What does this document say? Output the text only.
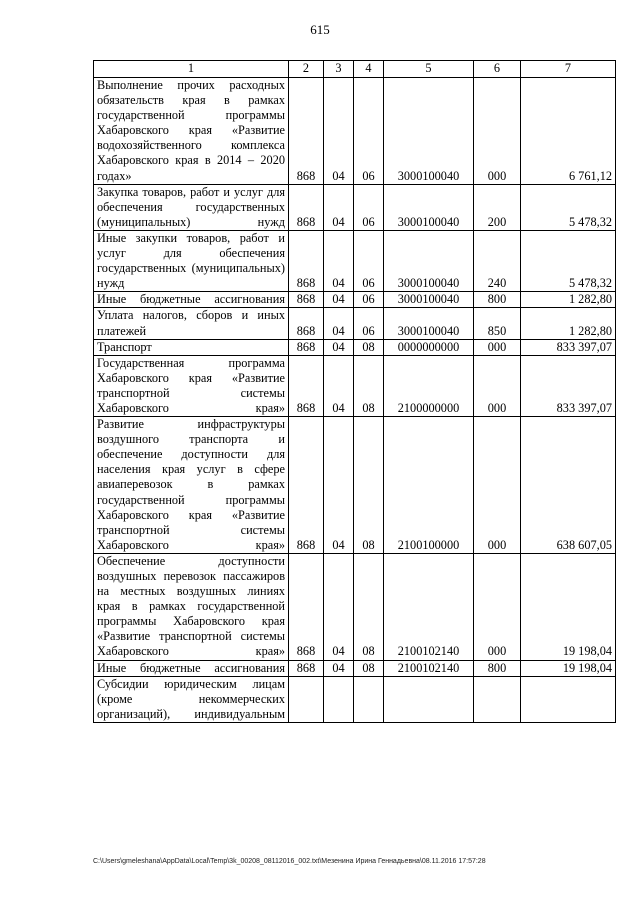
615
1	2	3	4	5	6	7
Выполнение прочих расходных обязательств края в рамках государственной программы Хабаровского края «Развитие водохозяйственного комплекса Хабаровского края в 2014 – 2020 годах»	868	04	06	3000100040	000	6 761,12
Закупка товаров, работ и услуг для обеспечения государственных (муниципальных) нужд	868	04	06	3000100040	200	5 478,32
Иные закупки товаров, работ и услуг для обеспечения государственных (муниципальных) нужд	868	04	06	3000100040	240	5 478,32
Иные бюджетные ассигнования	868	04	06	3000100040	800	1 282,80
Уплата налогов, сборов и иных платежей	868	04	06	3000100040	850	1 282,80
Транспорт	868	04	08	0000000000	000	833 397,07
Государственная программа Хабаровского края «Развитие транспортной системы Хабаровского края»	868	04	08	2100000000	000	833 397,07
Развитие инфраструктуры воздушного транспорта и обеспечение доступности для населения края услуг в сфере авиаперевозок в рамках государственной программы Хабаровского края «Развитие транспортной системы Хабаровского края»	868	04	08	2100100000	000	638 607,05
Обеспечение доступности воздушных перевозок пассажиров на местных воздушных линиях края в рамках государственной программы Хабаровского края «Развитие транспортной системы Хабаровского края»	868	04	08	2100102140	000	19 198,04
Иные бюджетные ассигнования	868	04	08	2100102140	800	19 198,04
Субсидии юридическим лицам (кроме некоммерческих организаций), индивидуальным						
C:\Users\gmeleshana\AppData\Local\Temp\3k_00208_08112016_002.txt\Мезенина Ирина Геннадьевна\08.11.2016 17:57:28
